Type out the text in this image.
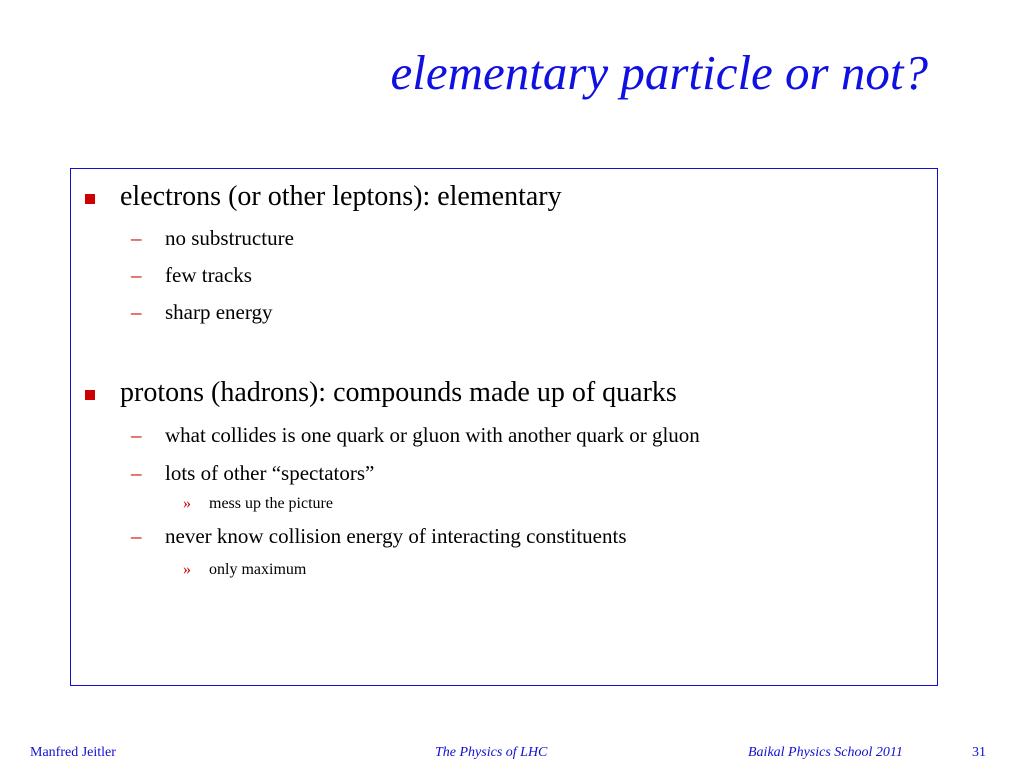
elementary particle or not?
electrons (or other leptons): elementary
– no substructure
– few tracks
– sharp energy
protons (hadrons): compounds made up of quarks
– what collides is one quark or gluon with another quark or gluon
– lots of other “spectators”
» mess up the picture
– never know collision energy of interacting constituents
» only maximum
Manfred Jeitler	The Physics of LHC	Baikal Physics School 2011	31
